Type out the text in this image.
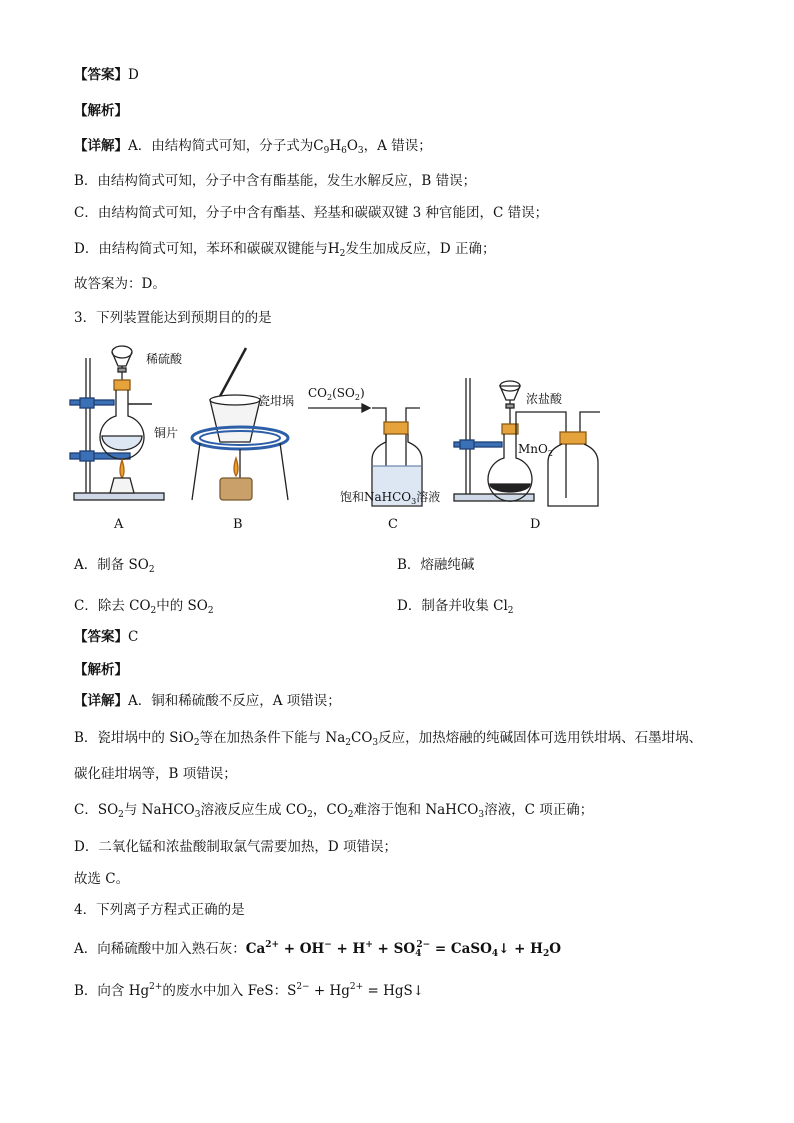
【答案】D
【解析】
【详解】A．由结构简式可知，分子式为$C_9H_6O_3$，A 错误；
B．由结构简式可知，分子中含有酯基能，发生水解反应，B 错误；
C．由结构简式可知，分子中含有酯基、羟基和碳碳双键 3 种官能团，C 错误；
D．由结构简式可知，苯环和碳碳双键能与$H_2$发生加成反应，D 正确；
故答案为：D。
3．下列装置能达到预期目的的是
稀硫酸
铜片
瓷坩埚
$CO_2(SO_2)$
饱和NaHCO$_3$溶液
浓盐酸
MnO$_2$
A	B	C	D
A．制备 $SO_2$	B．熔融纯碱
C．除去 $CO_2$中的 $SO_2$	D．制备并收集 $Cl_2$
【答案】C
【解析】
【详解】A．铜和稀硫酸不反应，A 项错误；
B．瓷坩埚中的 SiO$_2$等在加热条件下能与 $Na_2CO_3$反应，加热熔融的纯碱固体可选用铁坩埚、石墨坩埚、
碳化硅坩埚等，B 项错误；
C．$SO_2$与 NaHCO$_3$溶液反应生成 $CO_2$，$CO_2$难溶于饱和 NaHCO$_3$溶液，C 项正确；
D．二氧化锰和浓盐酸制取氯气需要加热，D 项错误；
故选 C。
4．下列离子方程式正确的是
A．向稀硫酸中加入熟石灰：$Ca^{2+} + OH^- + H^+ + SO_4^{2-}$ = CaSO$_4$↓ + $H_2O$
B．向含 $Hg^{2+}$的废水中加入 FeS：$S^{2-} + Hg^{2+}$ = HgS↓
